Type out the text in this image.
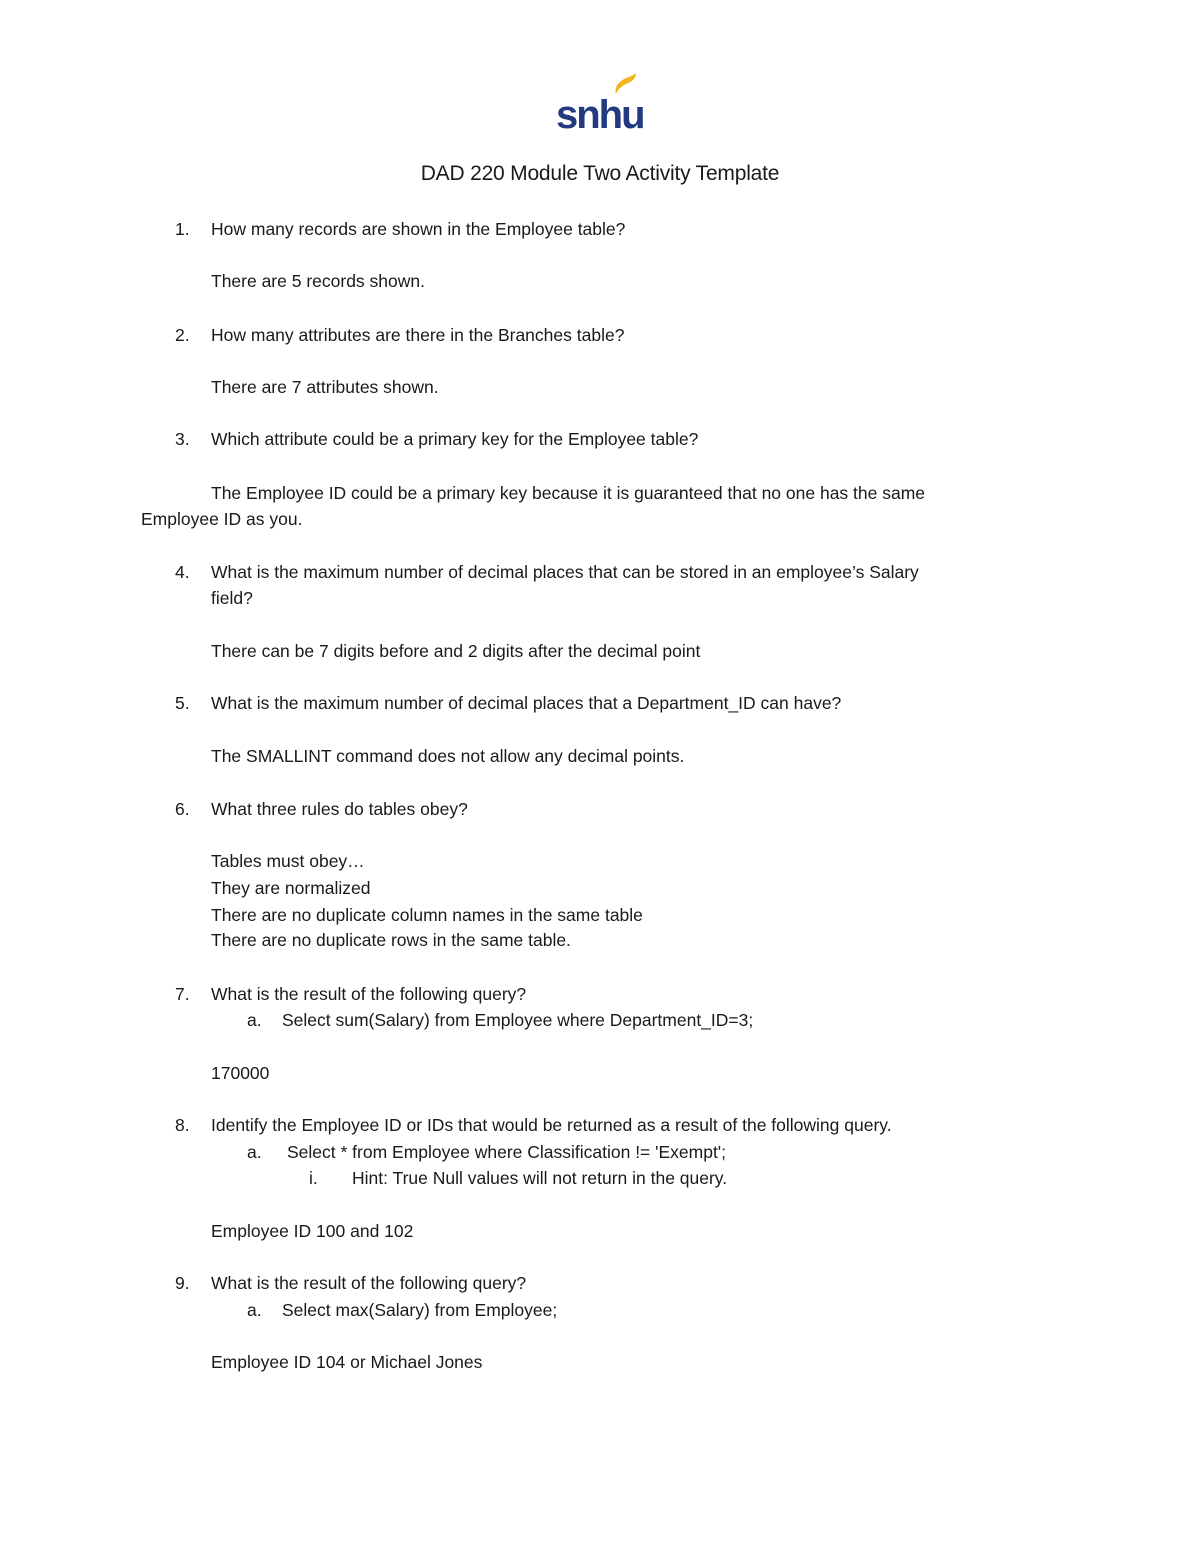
snhu
DAD 220 Module Two Activity Template
1. How many records are shown in the Employee table?
There are 5 records shown.
2. How many attributes are there in the Branches table?
There are 7 attributes shown.
3. Which attribute could be a primary key for the Employee table?
The Employee ID could be a primary key because it is guaranteed that no one has the same
Employee ID as you.
4. What is the maximum number of decimal places that can be stored in an employee’s Salary
field?
There can be 7 digits before and 2 digits after the decimal point
5. What is the maximum number of decimal places that a Department_ID can have?
The SMALLINT command does not allow any decimal points.
6. What three rules do tables obey?
Tables must obey…
They are normalized
There are no duplicate column names in the same table
There are no duplicate rows in the same table.
7. What is the result of the following query?
a. Select sum(Salary) from Employee where Department_ID=3;
170000
8. Identify the Employee ID or IDs that would be returned as a result of the following query.
a. Select * from Employee where Classification != 'Exempt';
i. Hint: True Null values will not return in the query.
Employee ID 100 and 102
9. What is the result of the following query?
a. Select max(Salary) from Employee;
Employee ID 104 or Michael Jones
